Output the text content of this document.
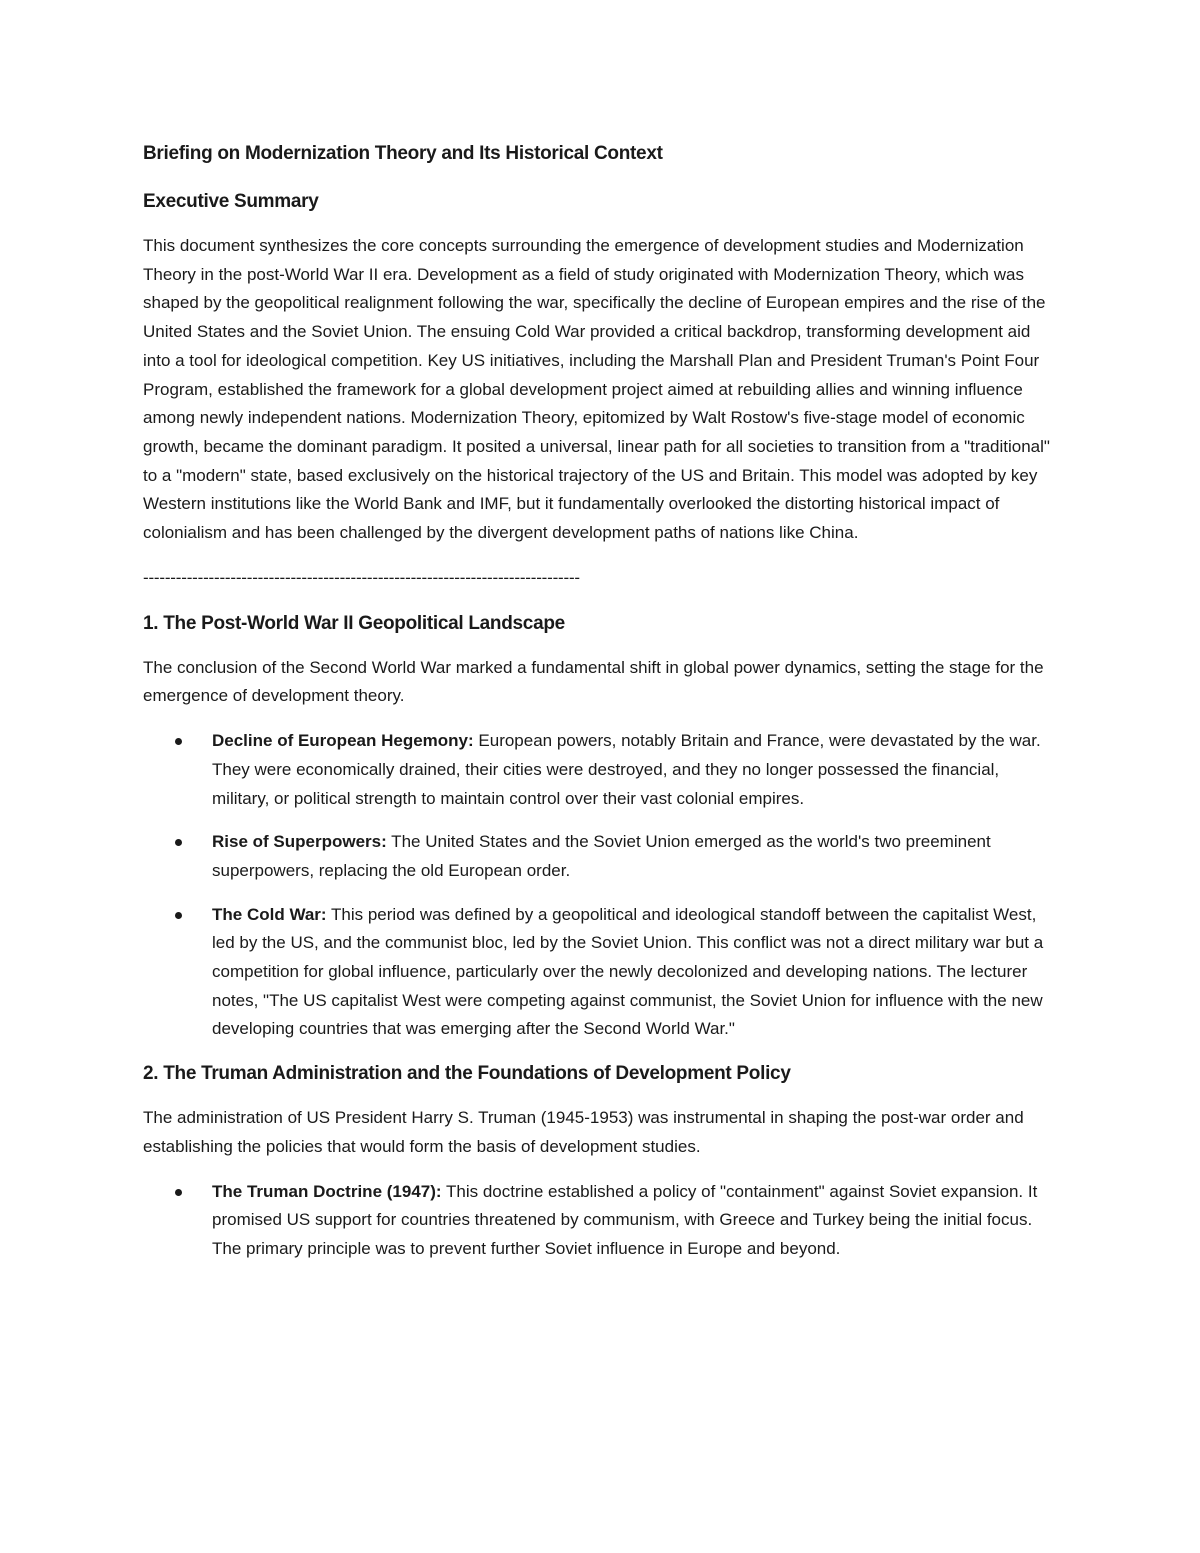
Briefing on Modernization Theory and Its Historical Context
Executive Summary

This document synthesizes the core concepts surrounding the emergence of development studies and Modernization Theory in the post-World War II era. Development as a field of study originated with Modernization Theory, which was shaped by the geopolitical realignment following the war, specifically the decline of European empires and the rise of the United States and the Soviet Union. The ensuing Cold War provided a critical backdrop, transforming development aid into a tool for ideological competition. Key US initiatives, including the Marshall Plan and President Truman's Point Four Program, established the framework for a global development project aimed at rebuilding allies and winning influence among newly independent nations. Modernization Theory, epitomized by Walt Rostow's five-stage model of economic growth, became the dominant paradigm. It posited a universal, linear path for all societies to transition from a "traditional" to a "modern" state, based exclusively on the historical trajectory of the US and Britain. This model was adopted by key Western institutions like the World Bank and IMF, but it fundamentally overlooked the distorting historical impact of colonialism and has been challenged by the divergent development paths of nations like China.

--------------------------------------------------------------------------------
1. The Post-World War II Geopolitical Landscape

The conclusion of the Second World War marked a fundamental shift in global power dynamics, setting the stage for the emergence of development theory.

Decline of European Hegemony: European powers, notably Britain and France, were devastated by the war. They were economically drained, their cities were destroyed, and they no longer possessed the financial, military, or political strength to maintain control over their vast colonial empires.
Rise of Superpowers: The United States and the Soviet Union emerged as the world's two preeminent superpowers, replacing the old European order.
The Cold War: This period was defined by a geopolitical and ideological standoff between the capitalist West, led by the US, and the communist bloc, led by the Soviet Union. This conflict was not a direct military war but a competition for global influence, particularly over the newly decolonized and developing nations. The lecturer notes, "The US capitalist West were competing against communist, the Soviet Union for influence with the new developing countries that was emerging after the Second World War."
2. The Truman Administration and the Foundations of Development Policy

The administration of US President Harry S. Truman (1945-1953) was instrumental in shaping the post-war order and establishing the policies that would form the basis of development studies.

The Truman Doctrine (1947): This doctrine established a policy of "containment" against Soviet expansion. It promised US support for countries threatened by communism, with Greece and Turkey being the initial focus. The primary principle was to prevent further Soviet influence in Europe and beyond.
